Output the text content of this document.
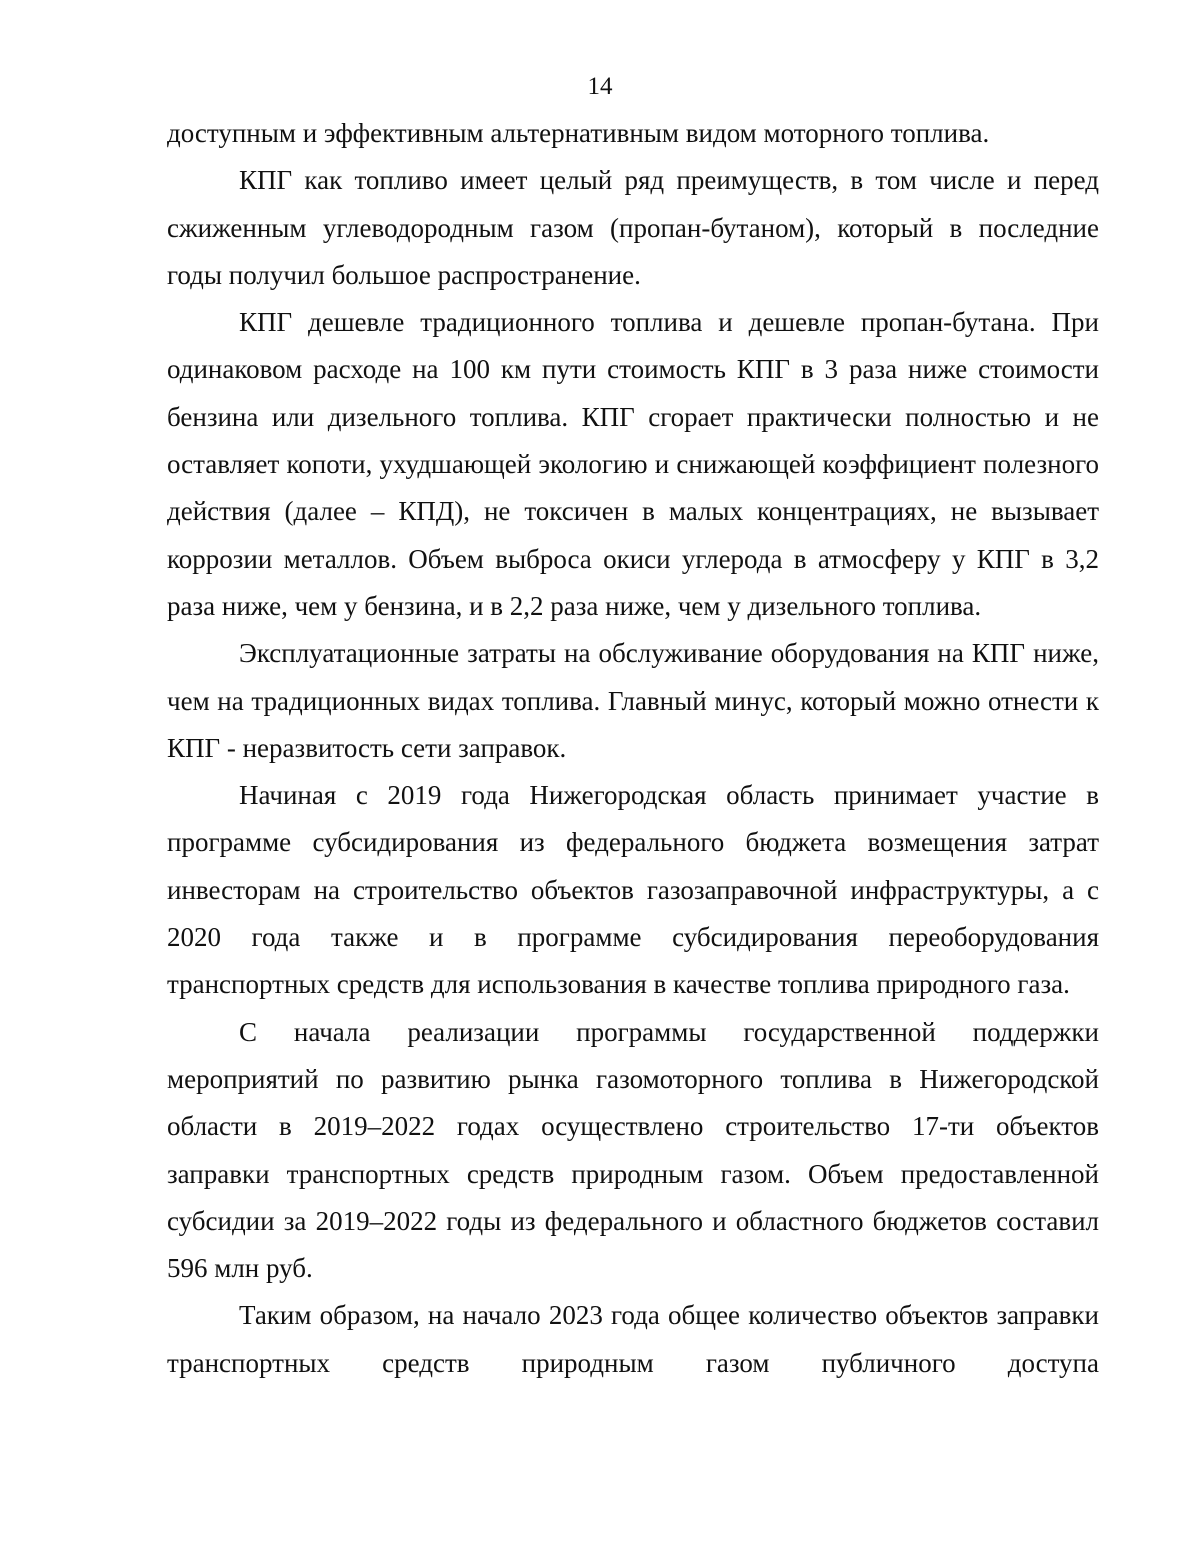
14

доступным и эффективным альтернативным видом моторного топлива.

КПГ как топливо имеет целый ряд преимуществ, в том числе и перед сжиженным углеводородным газом (пропан-бутаном), который в последние годы получил большое распространение.

КПГ дешевле традиционного топлива и дешевле пропан-бутана. При одинаковом расходе на 100 км пути стоимость КПГ в 3 раза ниже стоимости бензина или дизельного топлива. КПГ сгорает практически полностью и не оставляет копоти, ухудшающей экологию и снижающей коэффициент полезного действия (далее – КПД), не токсичен в малых концентрациях, не вызывает коррозии металлов. Объем выброса окиси углерода в атмосферу у КПГ в 3,2 раза ниже, чем у бензина, и в 2,2 раза ниже, чем у дизельного топлива.

Эксплуатационные затраты на обслуживание оборудования на КПГ ниже, чем на традиционных видах топлива. Главный минус, который можно отнести к КПГ - неразвитость сети заправок.

Начиная с 2019 года Нижегородская область принимает участие в программе субсидирования из федерального бюджета возмещения затрат инвесторам на строительство объектов газозаправочной инфраструктуры, а с 2020 года также и в программе субсидирования переоборудования транспортных средств для использования в качестве топлива природного газа.

С начала реализации программы государственной поддержки мероприятий по развитию рынка газомоторного топлива в Нижегородской области в 2019–2022 годах осуществлено строительство 17-ти объектов заправки транспортных средств природным газом. Объем предоставленной субсидии за 2019–2022 годы из федерального и областного бюджетов составил 596 млн руб.

Таким образом, на начало 2023 года общее количество объектов заправки транспортных средств природным газом публичного доступа
